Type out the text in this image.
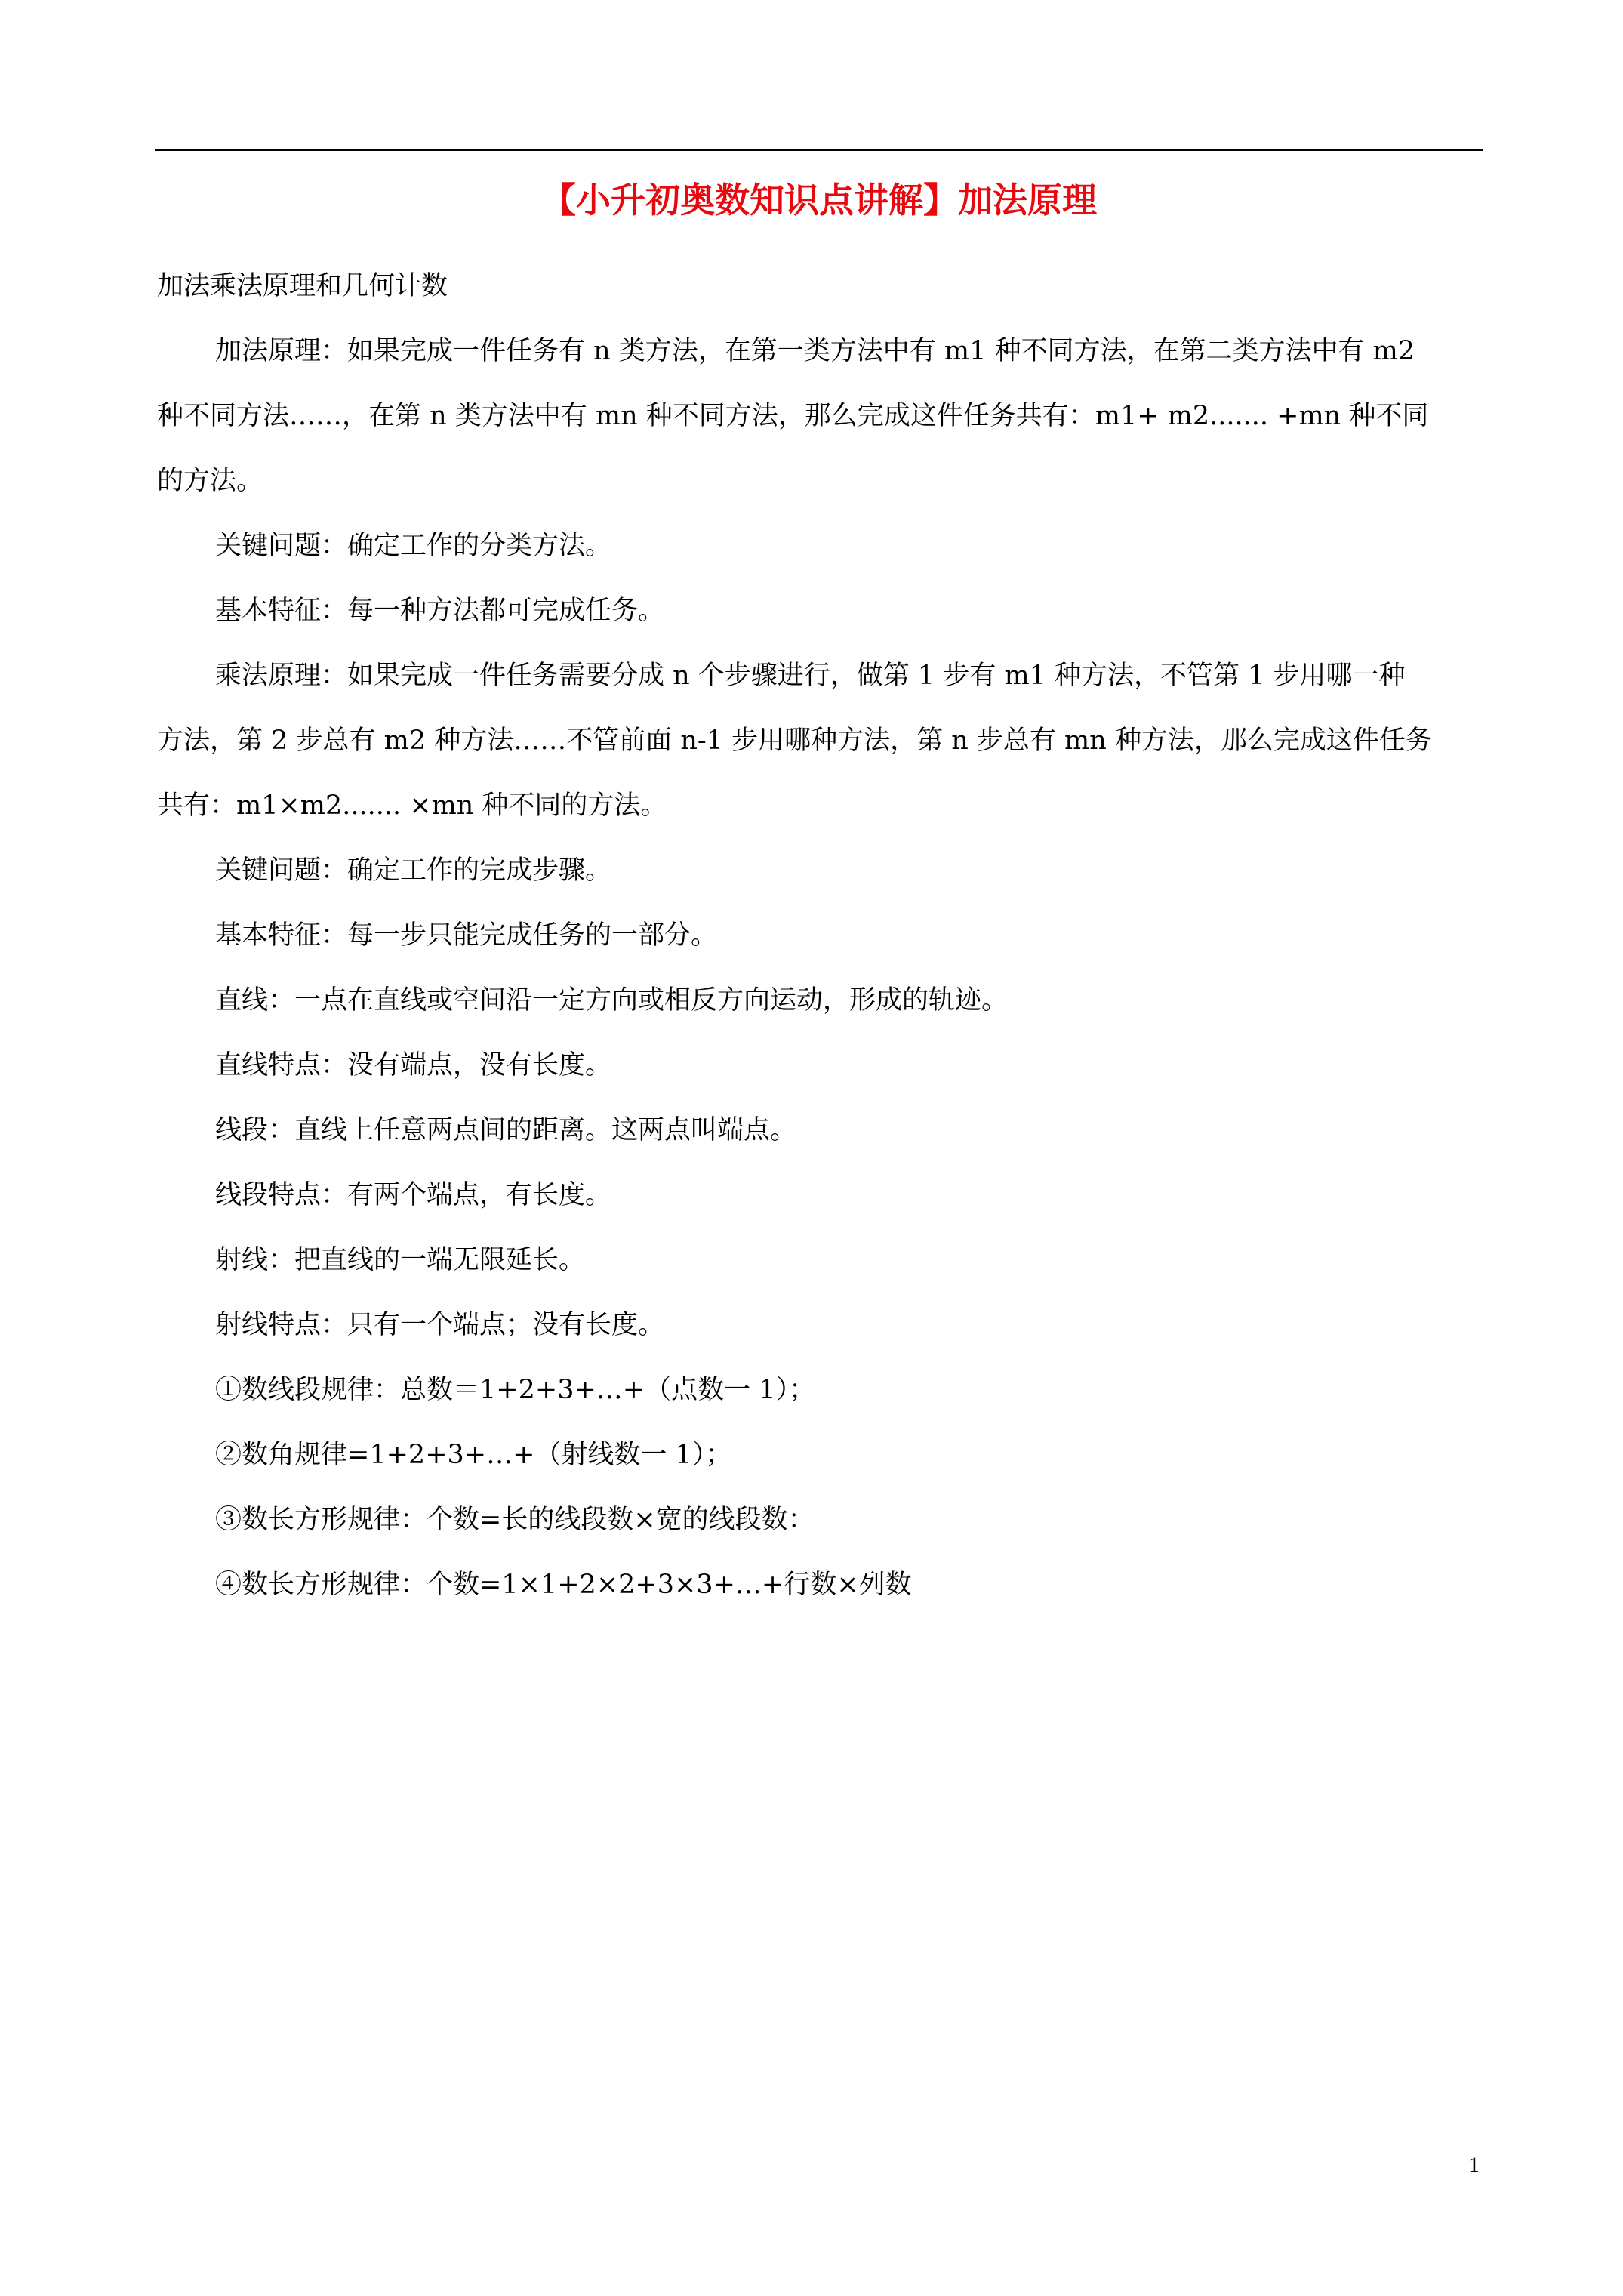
【小升初奥数知识点讲解】加法原理
加法乘法原理和几何计数
加法原理：如果完成一件任务有 n 类方法，在第一类方法中有 m1 种不同方法，在第二类方法中有 m2
种不同方法……，在第 n 类方法中有 mn 种不同方法，那么完成这件任务共有：m1+ m2....... +mn 种不同
的方法。
关键问题：确定工作的分类方法。
基本特征：每一种方法都可完成任务。
乘法原理：如果完成一件任务需要分成 n 个步骤进行，做第 1 步有 m1 种方法，不管第 1 步用哪一种
方法，第 2 步总有 m2 种方法……不管前面 n-1 步用哪种方法，第 n 步总有 mn 种方法，那么完成这件任务
共有：m1×m2....... ×mn 种不同的方法。
关键问题：确定工作的完成步骤。
基本特征：每一步只能完成任务的一部分。
直线：一点在直线或空间沿一定方向或相反方向运动，形成的轨迹。
直线特点：没有端点，没有长度。
线段：直线上任意两点间的距离。这两点叫端点。
线段特点：有两个端点，有长度。
射线：把直线的一端无限延长。
射线特点：只有一个端点；没有长度。
①数线段规律：总数＝1+2+3+…+（点数一 1）；
②数角规律=1+2+3+…+（射线数一 1）；
③数长方形规律：个数=长的线段数×宽的线段数：
④数长方形规律：个数=1×1+2×2+3×3+…+行数×列数
1
